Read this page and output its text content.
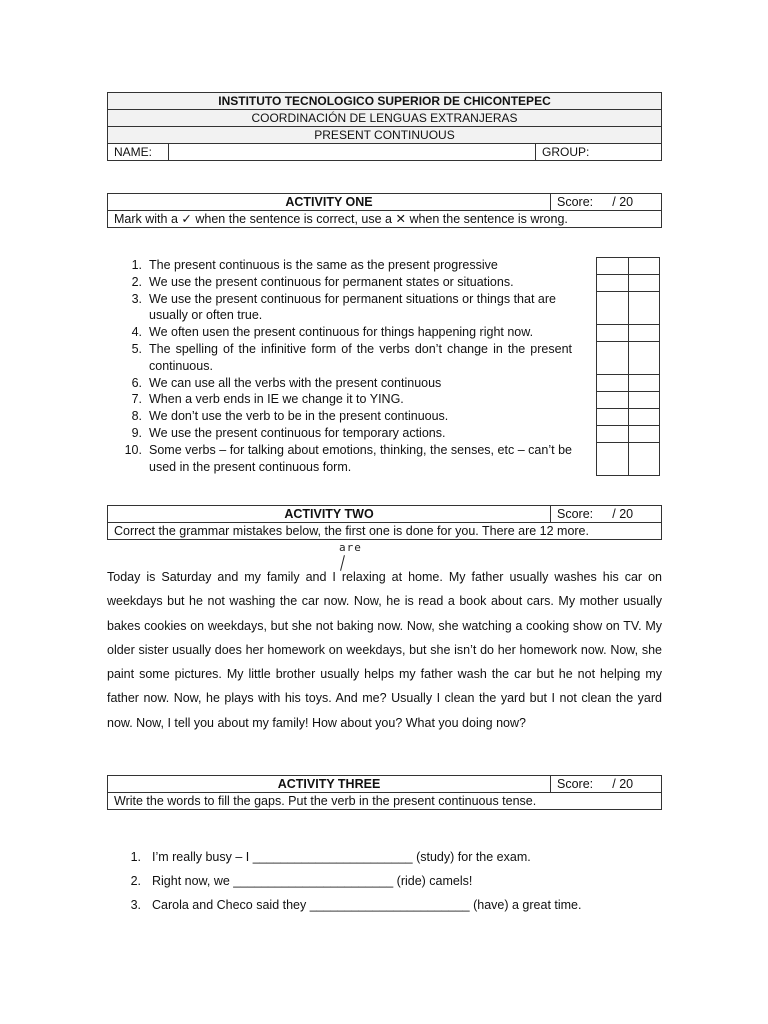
INSTITUTO TECNOLOGICO SUPERIOR DE CHICONTEPEC
COORDINACIÓN DE LENGUAS EXTRANJERAS
PRESENT CONTINUOUS
NAME:		GROUP:
ACTIVITY ONE	Score: / 20
Mark with a ✓ when the sentence is correct, use a ✕ when the sentence is wrong.
1. The present continuous is the same as the present progressive
2. We use the present continuous for permanent states or situations.
3. We use the present continuous for permanent situations or things that are usually or often true.
4. We often usen the present continuous for things happening right now.
5. The spelling of the infinitive form of the verbs don’t change in the present continuous.
6. We can use all the verbs with the present continuous
7. When a verb ends in IE we change it to YING.
8. We don’t use the verb to be in the present continuous.
9. We use the present continuous for temporary actions.
10. Some verbs – for talking about emotions, thinking, the senses, etc – can’t be used in the present continuous form.

ACTIVITY TWO	Score: / 20
Correct the grammar mistakes below, the first one is done for you. There are 12 more.
are

Today is Saturday and my family and I relaxing at home. My father usually washes his car on weekdays but he not washing the car now. Now, he is read a book about cars. My mother usually bakes cookies on weekdays, but she not baking now. Now, she watching a cooking show on TV. My older sister usually does her homework on weekdays, but she isn’t do her homework now. Now, she paint some pictures. My little brother usually helps my father wash the car but he not helping my father now. Now, he plays with his toys. And me? Usually I clean the yard but I not clean the yard now. Now, I tell you about my family! How about you? What you doing now?

ACTIVITY THREE	Score: / 20
Write the words to fill the gaps. Put the verb in the present continuous tense.
1. I’m really busy – I _______________________ (study) for the exam.
2. Right now, we _______________________ (ride) camels!
3. Carola and Checo said they _______________________ (have) a great time.
